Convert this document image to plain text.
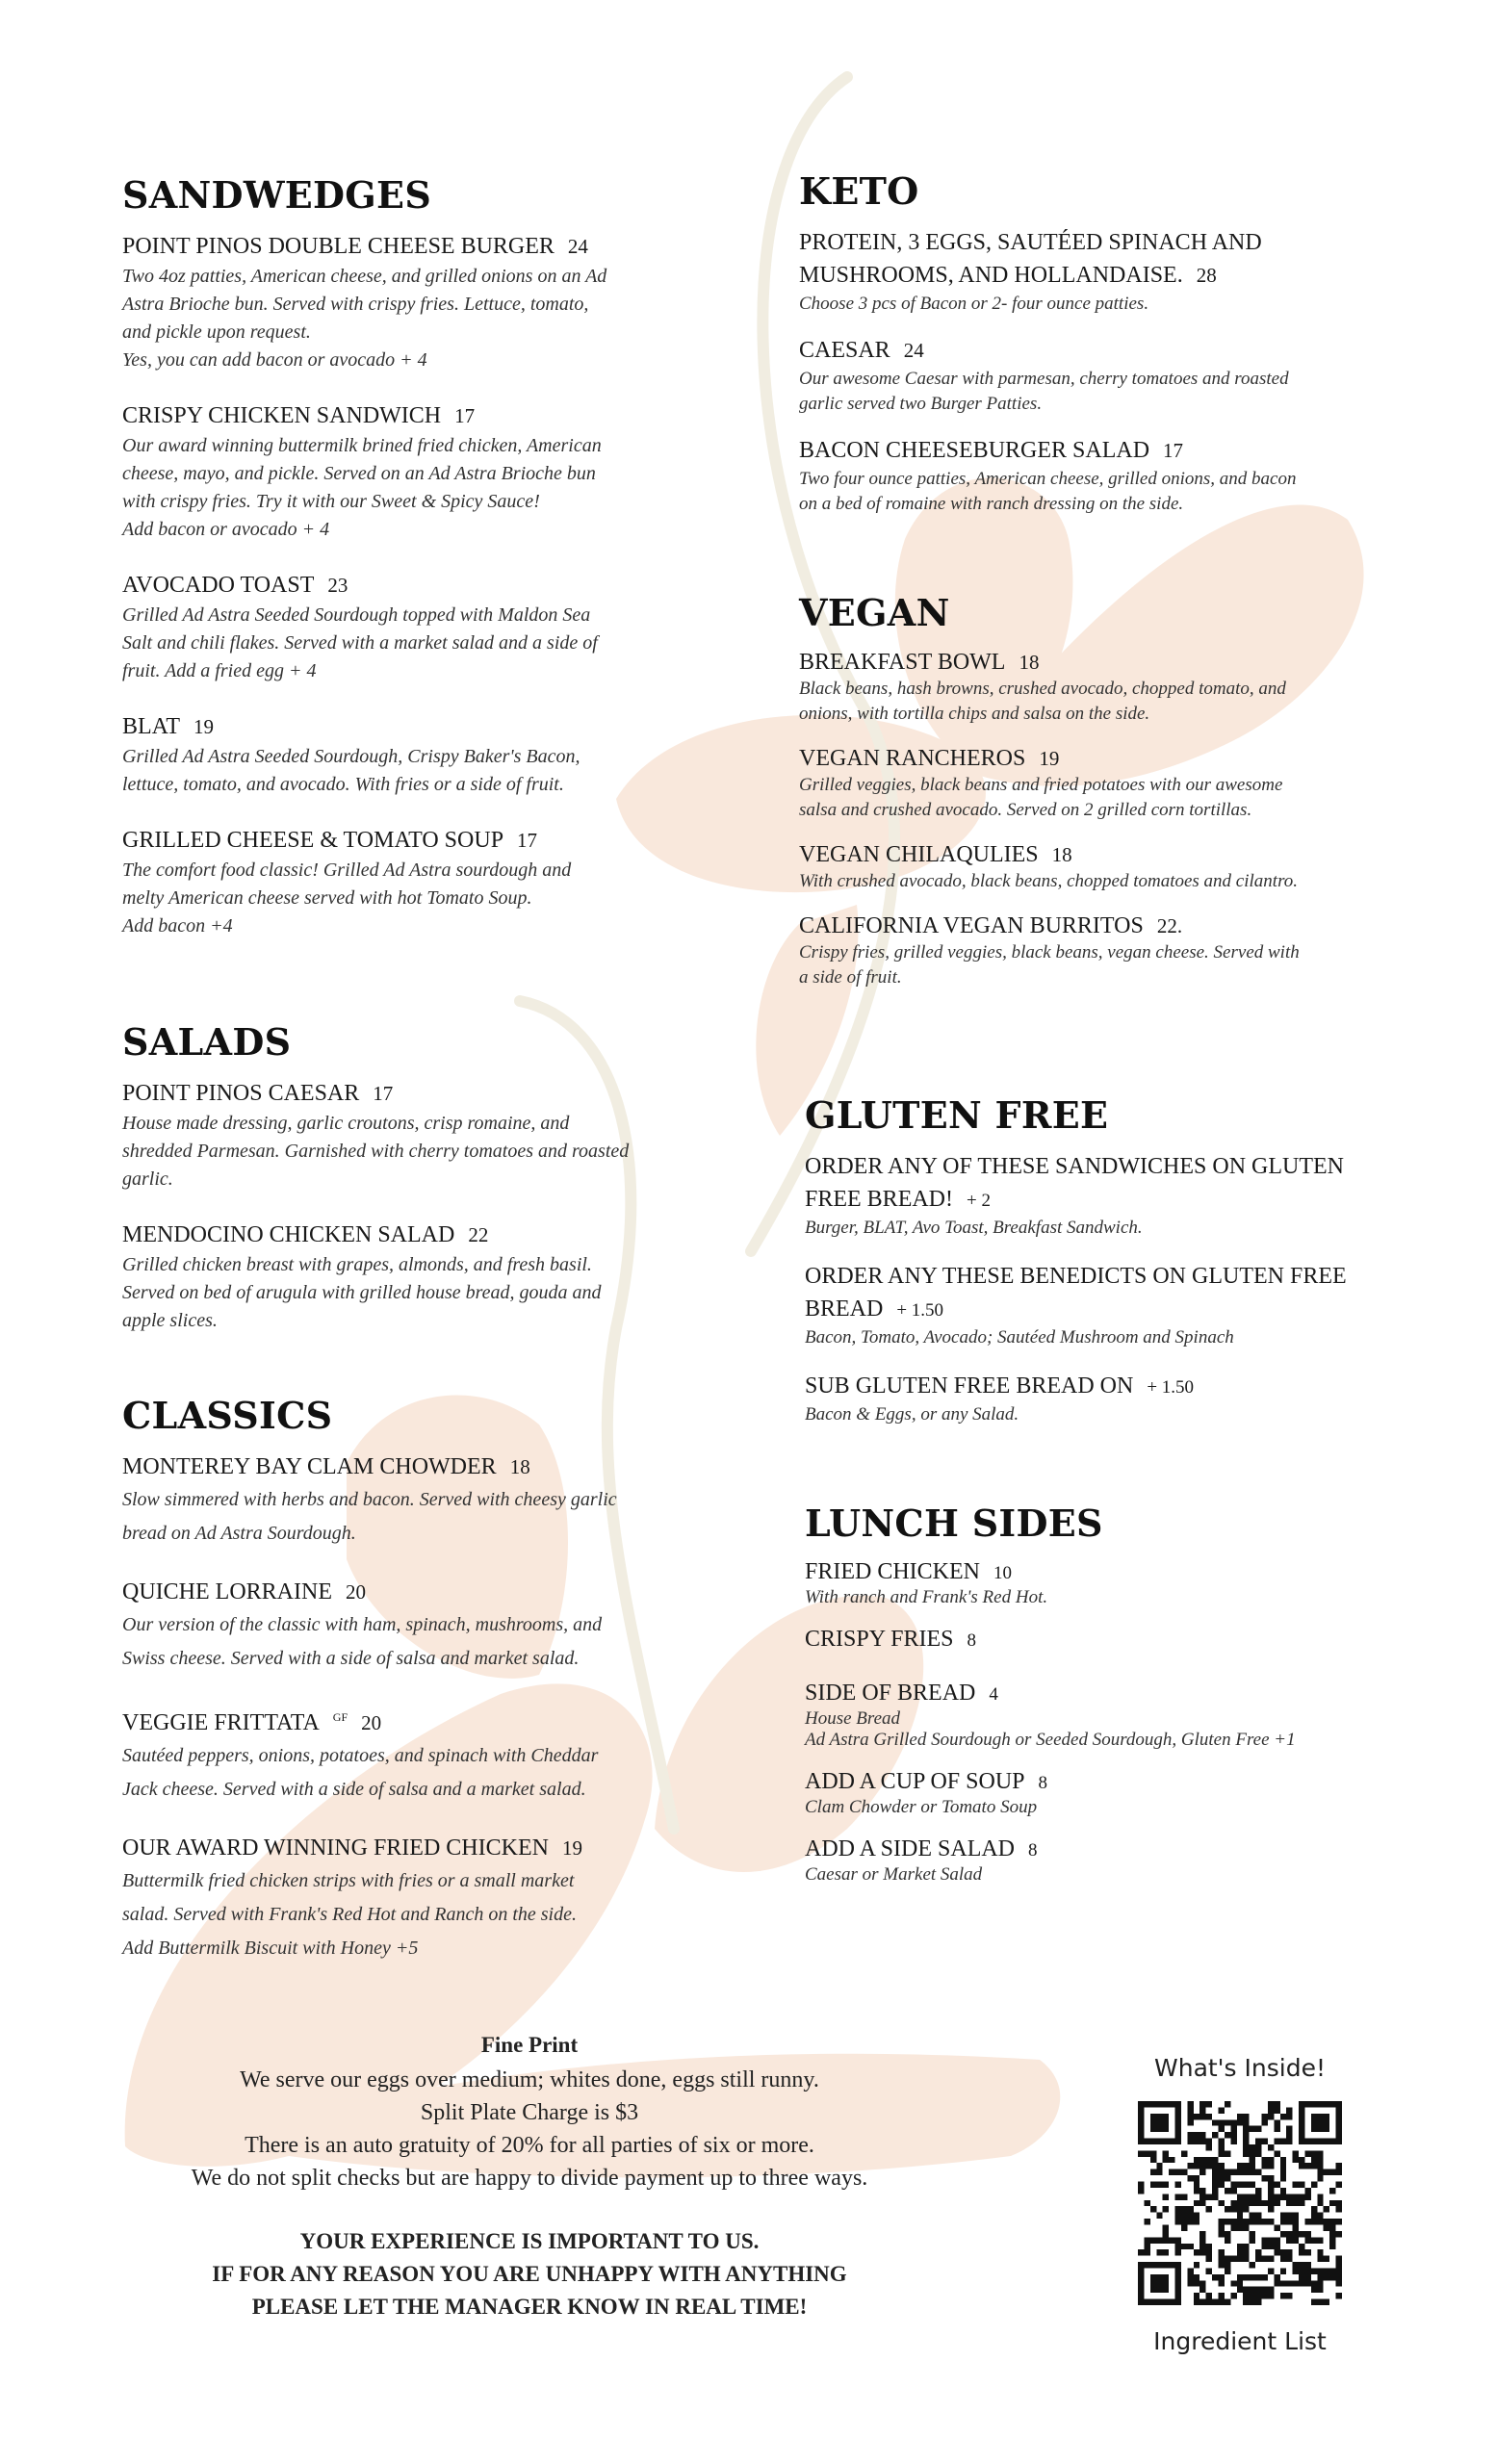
SANDWEDGES
POINT PINOS DOUBLE CHEESE BURGER 24
Two 4oz patties, American cheese, and grilled onions on an Ad
Astra Brioche bun. Served with crispy fries. Lettuce, tomato,
and pickle upon request.
Yes, you can add bacon or avocado + 4
CRISPY CHICKEN SANDWICH 17
Our award winning buttermilk brined fried chicken, American
cheese, mayo, and pickle. Served on an Ad Astra Brioche bun
with crispy fries. Try it with our Sweet & Spicy Sauce!
Add bacon or avocado + 4
AVOCADO TOAST 23
Grilled Ad Astra Seeded Sourdough topped with Maldon Sea
Salt and chili flakes. Served with a market salad and a side of
fruit. Add a fried egg + 4
BLAT 19
Grilled Ad Astra Seeded Sourdough, Crispy Baker's Bacon,
lettuce, tomato, and avocado. With fries or a side of fruit.
GRILLED CHEESE & TOMATO SOUP 17
The comfort food classic! Grilled Ad Astra sourdough and
melty American cheese served with hot Tomato Soup.
Add bacon +4
SALADS
POINT PINOS CAESAR 17
House made dressing, garlic croutons, crisp romaine, and
shredded Parmesan. Garnished with cherry tomatoes and roasted
garlic.
MENDOCINO CHICKEN SALAD 22
Grilled chicken breast with grapes, almonds, and fresh basil.
Served on bed of arugula with grilled house bread, gouda and
apple slices.
CLASSICS
MONTEREY BAY CLAM CHOWDER 18
Slow simmered with herbs and bacon. Served with cheesy garlic
bread on Ad Astra Sourdough.
QUICHE LORRAINE 20
Our version of the classic with ham, spinach, mushrooms, and
Swiss cheese. Served with a side of salsa and market salad.
VEGGIE FRITTATA $^{GF}$ 20
Sautéed peppers, onions, potatoes, and spinach with Cheddar
Jack cheese. Served with a side of salsa and a market salad.
OUR AWARD WINNING FRIED CHICKEN 19
Buttermilk fried chicken strips with fries or a small market
salad. Served with Frank's Red Hot and Ranch on the side.
Add Buttermilk Biscuit with Honey +5
KETO
PROTEIN, 3 EGGS, SAUTÉED SPINACH AND
MUSHROOMS, AND HOLLANDAISE. 28
Choose 3 pcs of Bacon or 2- four ounce patties.
CAESAR 24
Our awesome Caesar with parmesan, cherry tomatoes and roasted
garlic served two Burger Patties.
BACON CHEESEBURGER SALAD 17
Two four ounce patties, American cheese, grilled onions, and bacon
on a bed of romaine with ranch dressing on the side.
VEGAN
BREAKFAST BOWL 18
Black beans, hash browns, crushed avocado, chopped tomato, and
onions, with tortilla chips and salsa on the side.
VEGAN RANCHEROS 19
Grilled veggies, black beans and fried potatoes with our awesome
salsa and crushed avocado. Served on 2 grilled corn tortillas.
VEGAN CHILAQULIES 18
With crushed avocado, black beans, chopped tomatoes and cilantro.
CALIFORNIA VEGAN BURRITOS 22.
Crispy fries, grilled veggies, black beans, vegan cheese. Served with
a side of fruit.
GLUTEN FREE
ORDER ANY OF THESE SANDWICHES ON GLUTEN
FREE BREAD! + 2
Burger, BLAT, Avo Toast, Breakfast Sandwich.
ORDER ANY THESE BENEDICTS ON GLUTEN FREE
BREAD + 1.50
Bacon, Tomato, Avocado; Sautéed Mushroom and Spinach
SUB GLUTEN FREE BREAD ON + 1.50
Bacon & Eggs, or any Salad.
LUNCH SIDES
FRIED CHICKEN 10
With ranch and Frank's Red Hot.
CRISPY FRIES 8
SIDE OF BREAD 4
House Bread
Ad Astra Grilled Sourdough or Seeded Sourdough, Gluten Free +1
ADD A CUP OF SOUP 8
Clam Chowder or Tomato Soup
ADD A SIDE SALAD 8
Caesar or Market Salad
Fine Print
We serve our eggs over medium; whites done, eggs still runny.
Split Plate Charge is $3
There is an auto gratuity of 20% for all parties of six or more.
We do not split checks but are happy to divide payment up to three ways.
YOUR EXPERIENCE IS IMPORTANT TO US.
IF FOR ANY REASON YOU ARE UNHAPPY WITH ANYTHING
PLEASE LET THE MANAGER KNOW IN REAL TIME!
What's Inside!
Ingredient List
